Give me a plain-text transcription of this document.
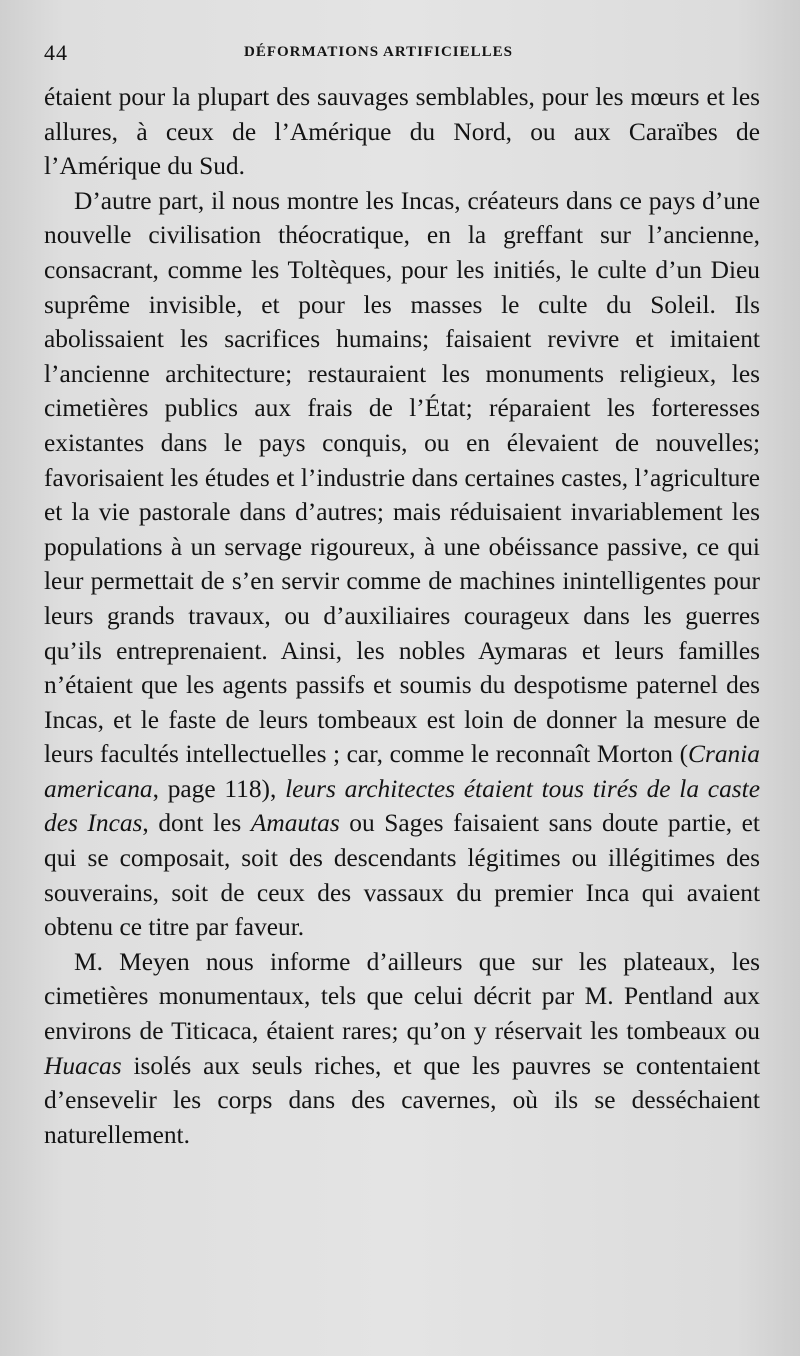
44	DÉFORMATIONS ARTIFICIELLES

étaient pour la plupart des sauvages semblables, pour les mœurs et les allures, à ceux de l’Amérique du Nord, ou aux Caraïbes de l’Amérique du Sud.

D’autre part, il nous montre les Incas, créateurs dans ce pays d’une nouvelle civilisation théocratique, en la greffant sur l’ancienne, consacrant, comme les Toltèques, pour les initiés, le culte d’un Dieu suprême invisible, et pour les masses le culte du Soleil. Ils abolissaient les sacrifices humains; faisaient revivre et imitaient l’ancienne architecture; restauraient les monuments religieux, les cimetières publics aux frais de l’État; réparaient les forteresses existantes dans le pays conquis, ou en élevaient de nouvelles; favorisaient les études et l’industrie dans certaines castes, l’agriculture et la vie pastorale dans d’autres; mais réduisaient invariablement les populations à un servage rigoureux, à une obéissance passive, ce qui leur permettait de s’en servir comme de machines inintelligentes pour leurs grands travaux, ou d’auxiliaires courageux dans les guerres qu’ils entreprenaient. Ainsi, les nobles Aymaras et leurs familles n’étaient que les agents passifs et soumis du despotisme paternel des Incas, et le faste de leurs tombeaux est loin de donner la mesure de leurs facultés intellectuelles ; car, comme le reconnaît Morton (Crania americana, page 118), leurs architectes étaient tous tirés de la caste des Incas, dont les Amautas ou Sages faisaient sans doute partie, et qui se composait, soit des descendants légitimes ou illégitimes des souverains, soit de ceux des vassaux du premier Inca qui avaient obtenu ce titre par faveur.

M. Meyen nous informe d’ailleurs que sur les plateaux, les cimetières monumentaux, tels que celui décrit par M. Pentland aux environs de Titicaca, étaient rares; qu’on y réservait les tombeaux ou Huacas isolés aux seuls riches, et que les pauvres se contentaient d’ensevelir les corps dans des cavernes, où ils se desséchaient naturellement.
